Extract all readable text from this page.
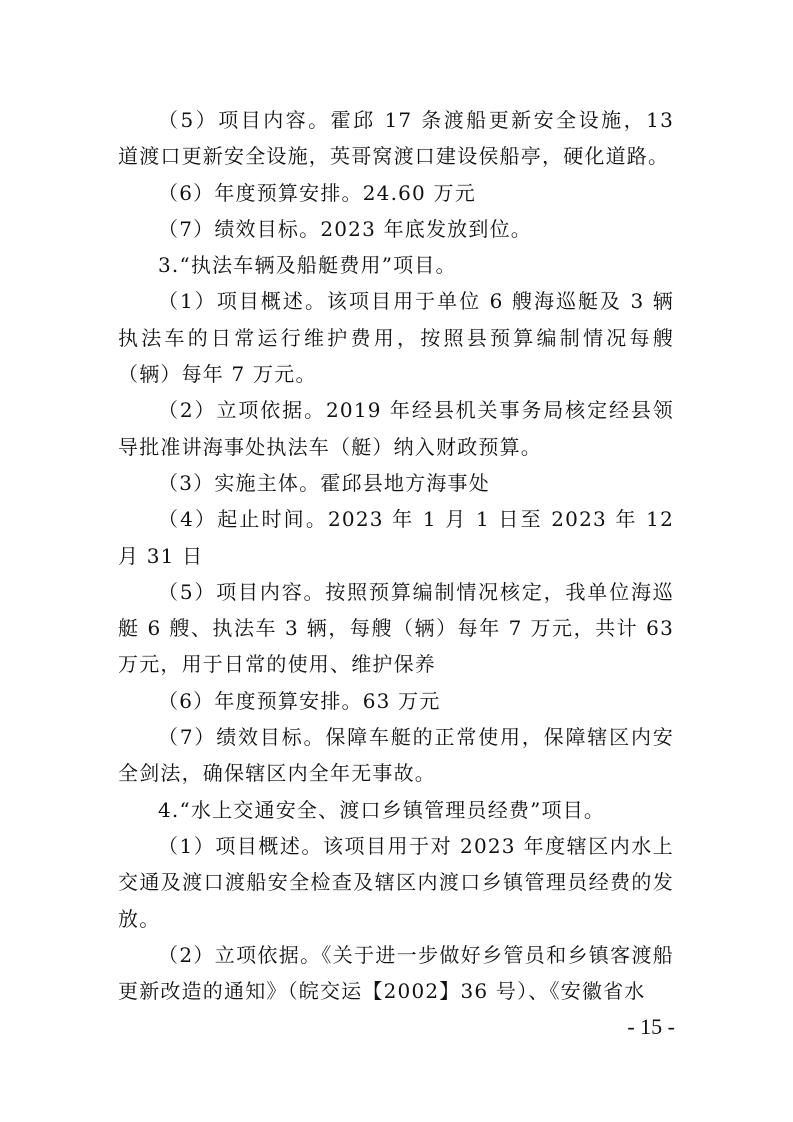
（5）项目内容。霍邱 17 条渡船更新安全设施，13 道渡口更新安全设施，英哥窝渡口建设侯船亭，硬化道路。

（6）年度预算安排。24.60 万元

（7）绩效目标。2023 年底发放到位。

3.“执法车辆及船艇费用”项目。

（1）项目概述。该项目用于单位 6 艘海巡艇及 3 辆执法车的日常运行维护费用，按照县预算编制情况每艘（辆）每年 7 万元。

（2）立项依据。2019 年经县机关事务局核定经县领导批准讲海事处执法车（艇）纳入财政预算。

（3）实施主体。霍邱县地方海事处

（4）起止时间。2023 年 1 月 1 日至 2023 年 12 月 31 日

（5）项目内容。按照预算编制情况核定，我单位海巡艇 6 艘、执法车 3 辆，每艘（辆）每年 7 万元，共计 63 万元，用于日常的使用、维护保养

（6）年度预算安排。63 万元

（7）绩效目标。保障车艇的正常使用，保障辖区内安全剑法，确保辖区内全年无事故。

4.“水上交通安全、渡口乡镇管理员经费”项目。

（1）项目概述。该项目用于对 2023 年度辖区内水上交通及渡口渡船安全检查及辖区内渡口乡镇管理员经费的发放。

（2）立项依据。《关于进一步做好乡管员和乡镇客渡船更新改造的通知》（皖交运【2002】36 号）、《安徽省水

- 15 -
